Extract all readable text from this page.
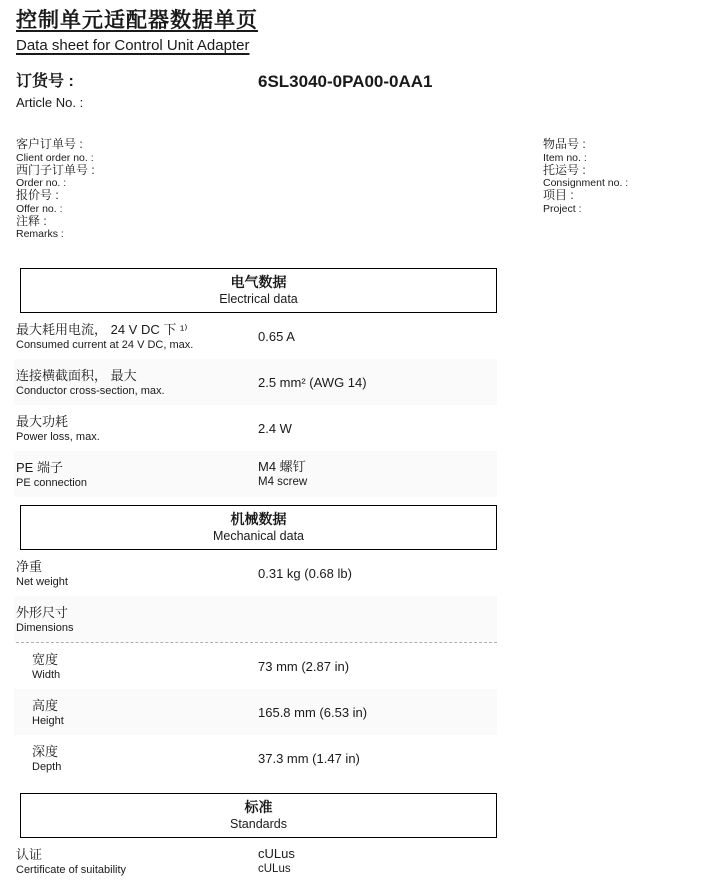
控制单元适配器数据单页
Data sheet for Control Unit Adapter
订货号 :
Article No. :
6SL3040-0PA00-0AA1
客户订单号 :
Client order no. :
西门子订单号 :
Order no. :
报价号 :
Offer no. :
注释 :
Remarks :
物品号 :
Item no. :
托运号 :
Consignment no. :
项目 :
Project :
电气数据
Electrical data
最大耗用电流， 24 V DC 下 ¹⁾
Consumed current at 24 V DC, max.
0.65 A
连接横截面积， 最大
Conductor cross-section, max.
2.5 mm² (AWG 14)
最大功耗
Power loss, max.
2.4 W
PE 端子
PE connection
M4 螺钉
M4 screw
机械数据
Mechanical data
净重
Net weight
0.31 kg (0.68 lb)
外形尺寸
Dimensions
宽度
Width
73 mm (2.87 in)
高度
Height
165.8 mm (6.53 in)
深度
Depth
37.3 mm (1.47 in)
标准
Standards
认证
Certificate of suitability
cULus
cULus
